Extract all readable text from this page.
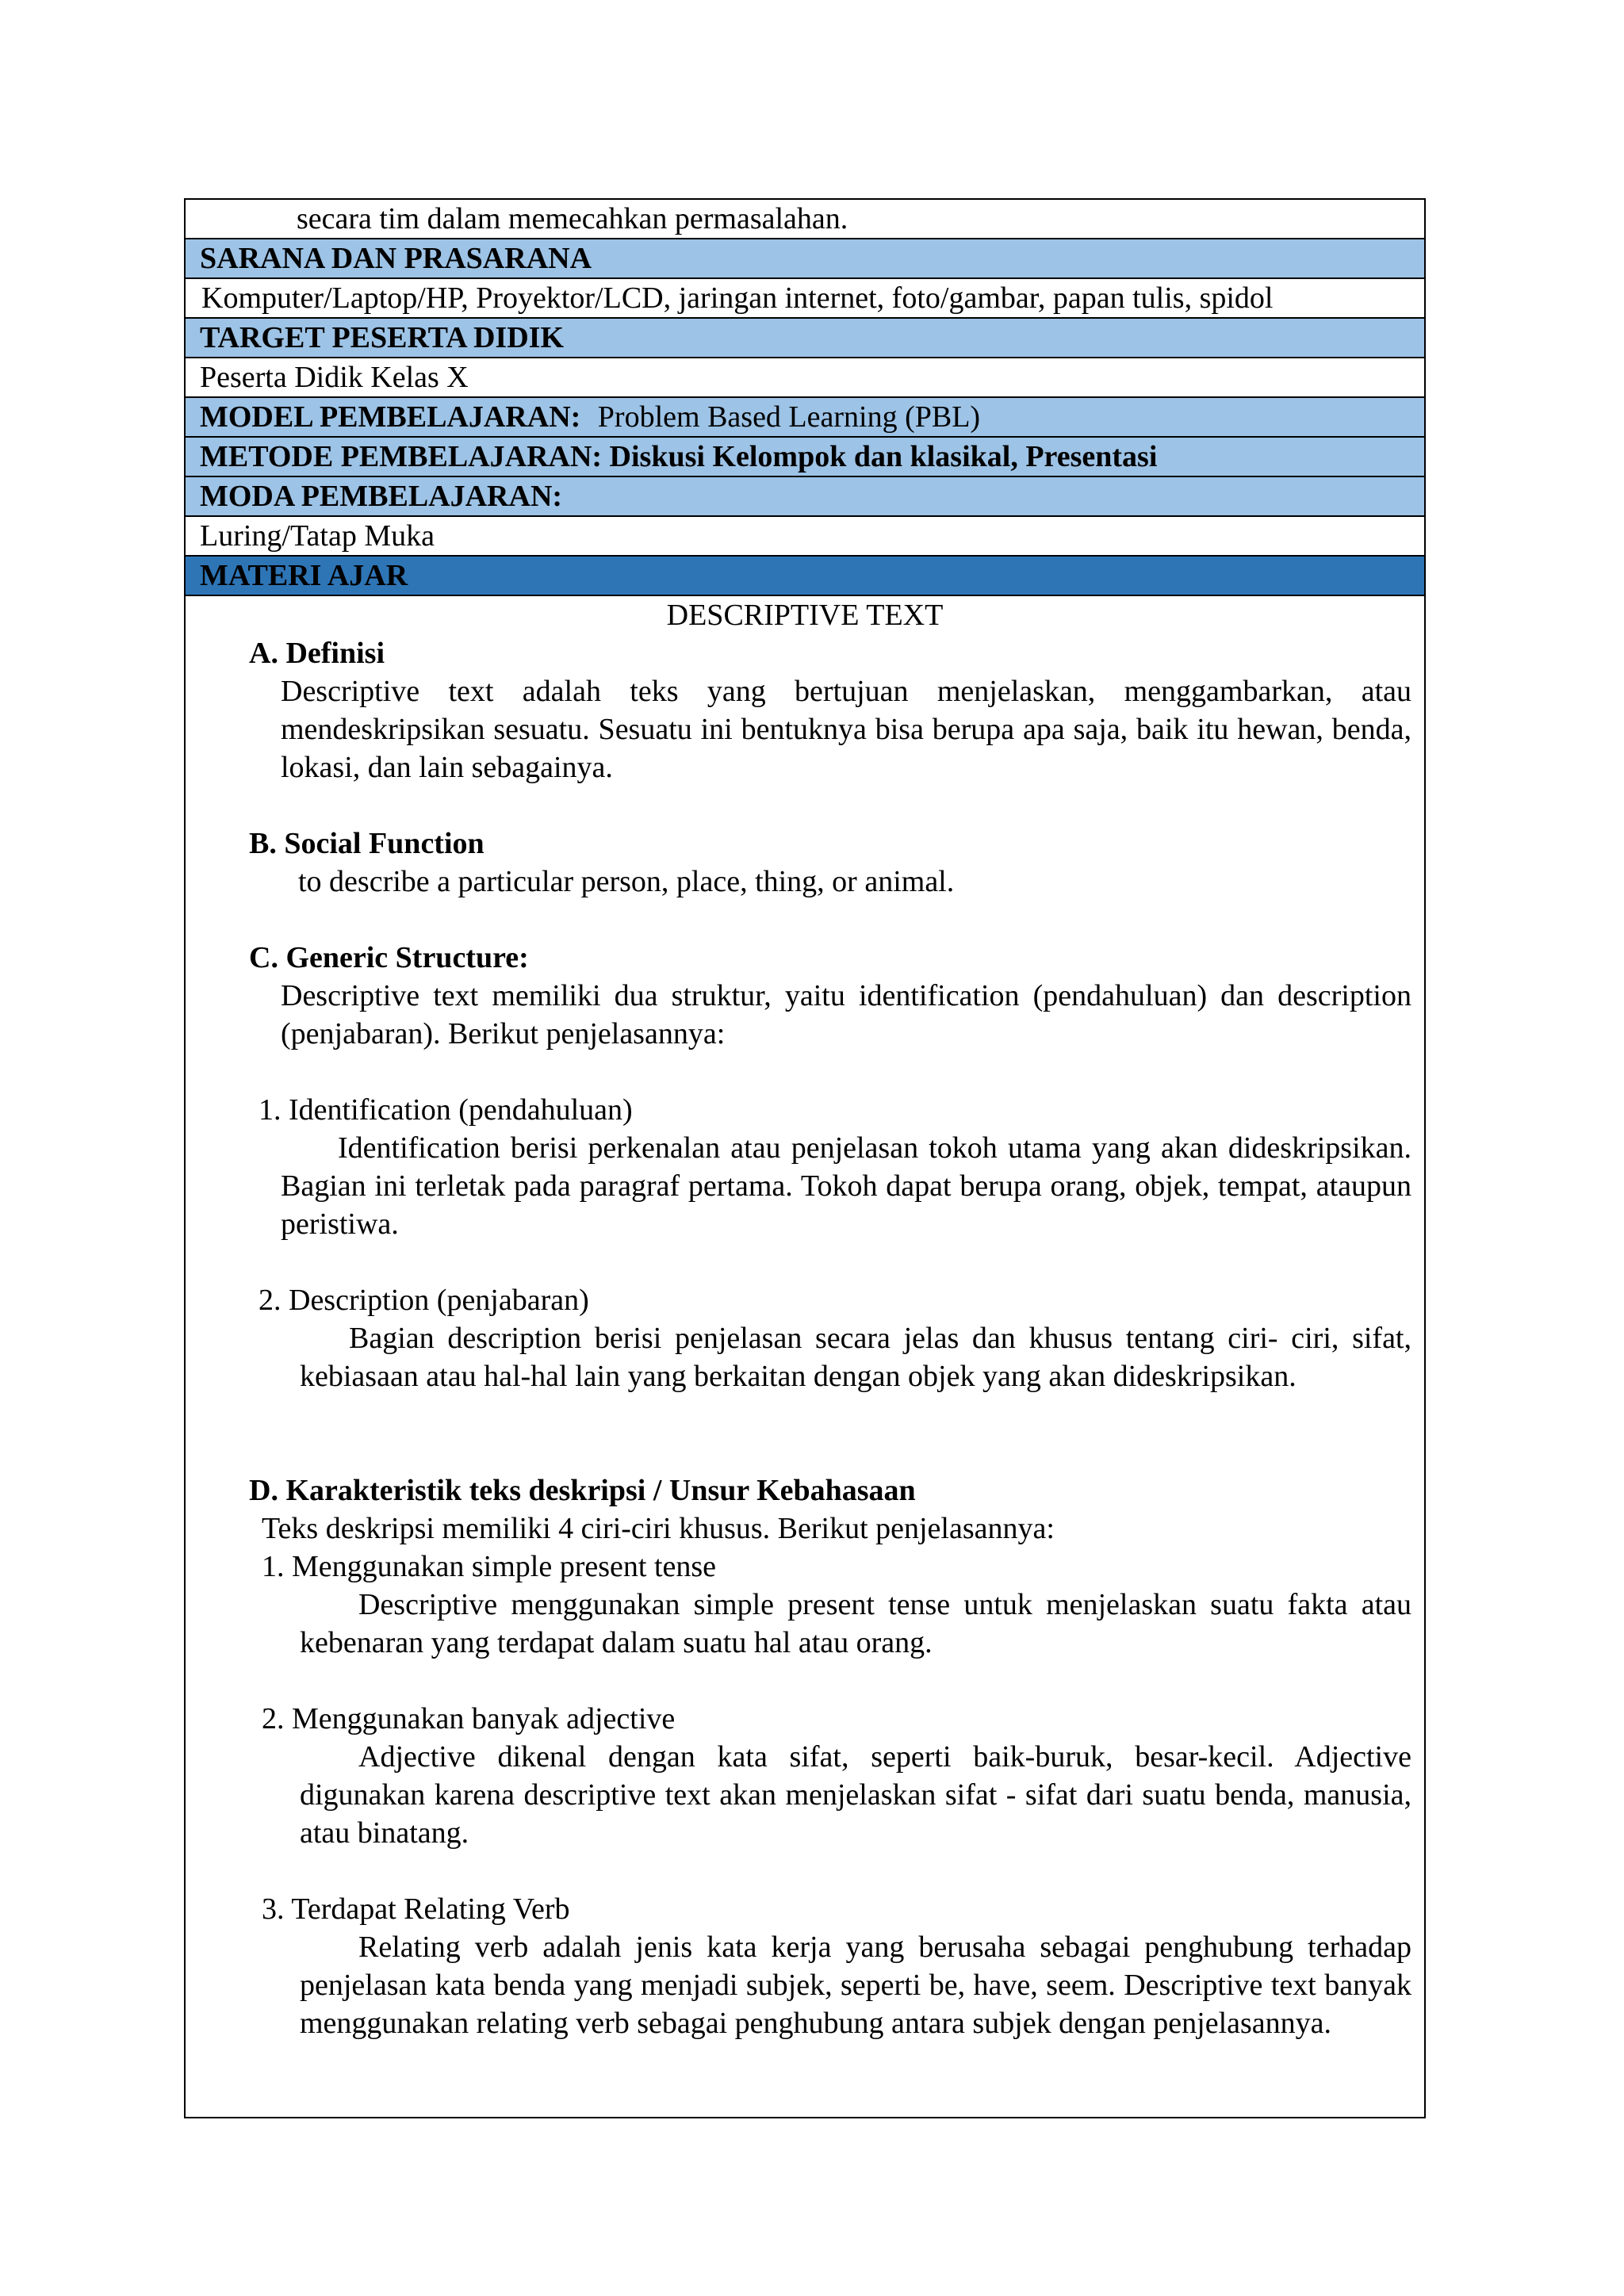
secara tim dalam memecahkan permasalahan.
SARANA DAN PRASARANA
Komputer/Laptop/HP, Proyektor/LCD, jaringan internet, foto/gambar, papan tulis, spidol
TARGET PESERTA DIDIK
Peserta Didik Kelas X
MODEL PEMBELAJARAN: Problem Based Learning (PBL)
METODE PEMBELAJARAN: Diskusi Kelompok dan klasikal, Presentasi
MODA PEMBELAJARAN:
Luring/Tatap Muka
MATERI AJAR
DESCRIPTIVE TEXT
A. Definisi
Descriptive text adalah teks yang bertujuan menjelaskan, menggambarkan, atau mendeskripsikan sesuatu. Sesuatu ini bentuknya bisa berupa apa saja, baik itu hewan, benda, lokasi, dan lain sebagainya.
B. Social Function
to describe a particular person, place, thing, or animal.
C. Generic Structure:
Descriptive text memiliki dua struktur, yaitu identification (pendahuluan) dan description (penjabaran). Berikut penjelasannya:
1. Identification (pendahuluan)
Identification berisi perkenalan atau penjelasan tokoh utama yang akan dideskripsikan. Bagian ini terletak pada paragraf pertama. Tokoh dapat berupa orang, objek, tempat, ataupun peristiwa.
2. Description (penjabaran)
Bagian description berisi penjelasan secara jelas dan khusus tentang ciri- ciri, sifat, kebiasaan atau hal-hal lain yang berkaitan dengan objek yang akan dideskripsikan.
D. Karakteristik teks deskripsi / Unsur Kebahasaan
Teks deskripsi memiliki 4 ciri-ciri khusus. Berikut penjelasannya:
1. Menggunakan simple present tense
Descriptive menggunakan simple present tense untuk menjelaskan suatu fakta atau kebenaran yang terdapat dalam suatu hal atau orang.
2. Menggunakan banyak adjective
Adjective dikenal dengan kata sifat, seperti baik-buruk, besar-kecil. Adjective digunakan karena descriptive text akan menjelaskan sifat - sifat dari suatu benda, manusia, atau binatang.
3. Terdapat Relating Verb
Relating verb adalah jenis kata kerja yang berusaha sebagai penghubung terhadap penjelasan kata benda yang menjadi subjek, seperti be, have, seem. Descriptive text banyak menggunakan relating verb sebagai penghubung antara subjek dengan penjelasannya.
